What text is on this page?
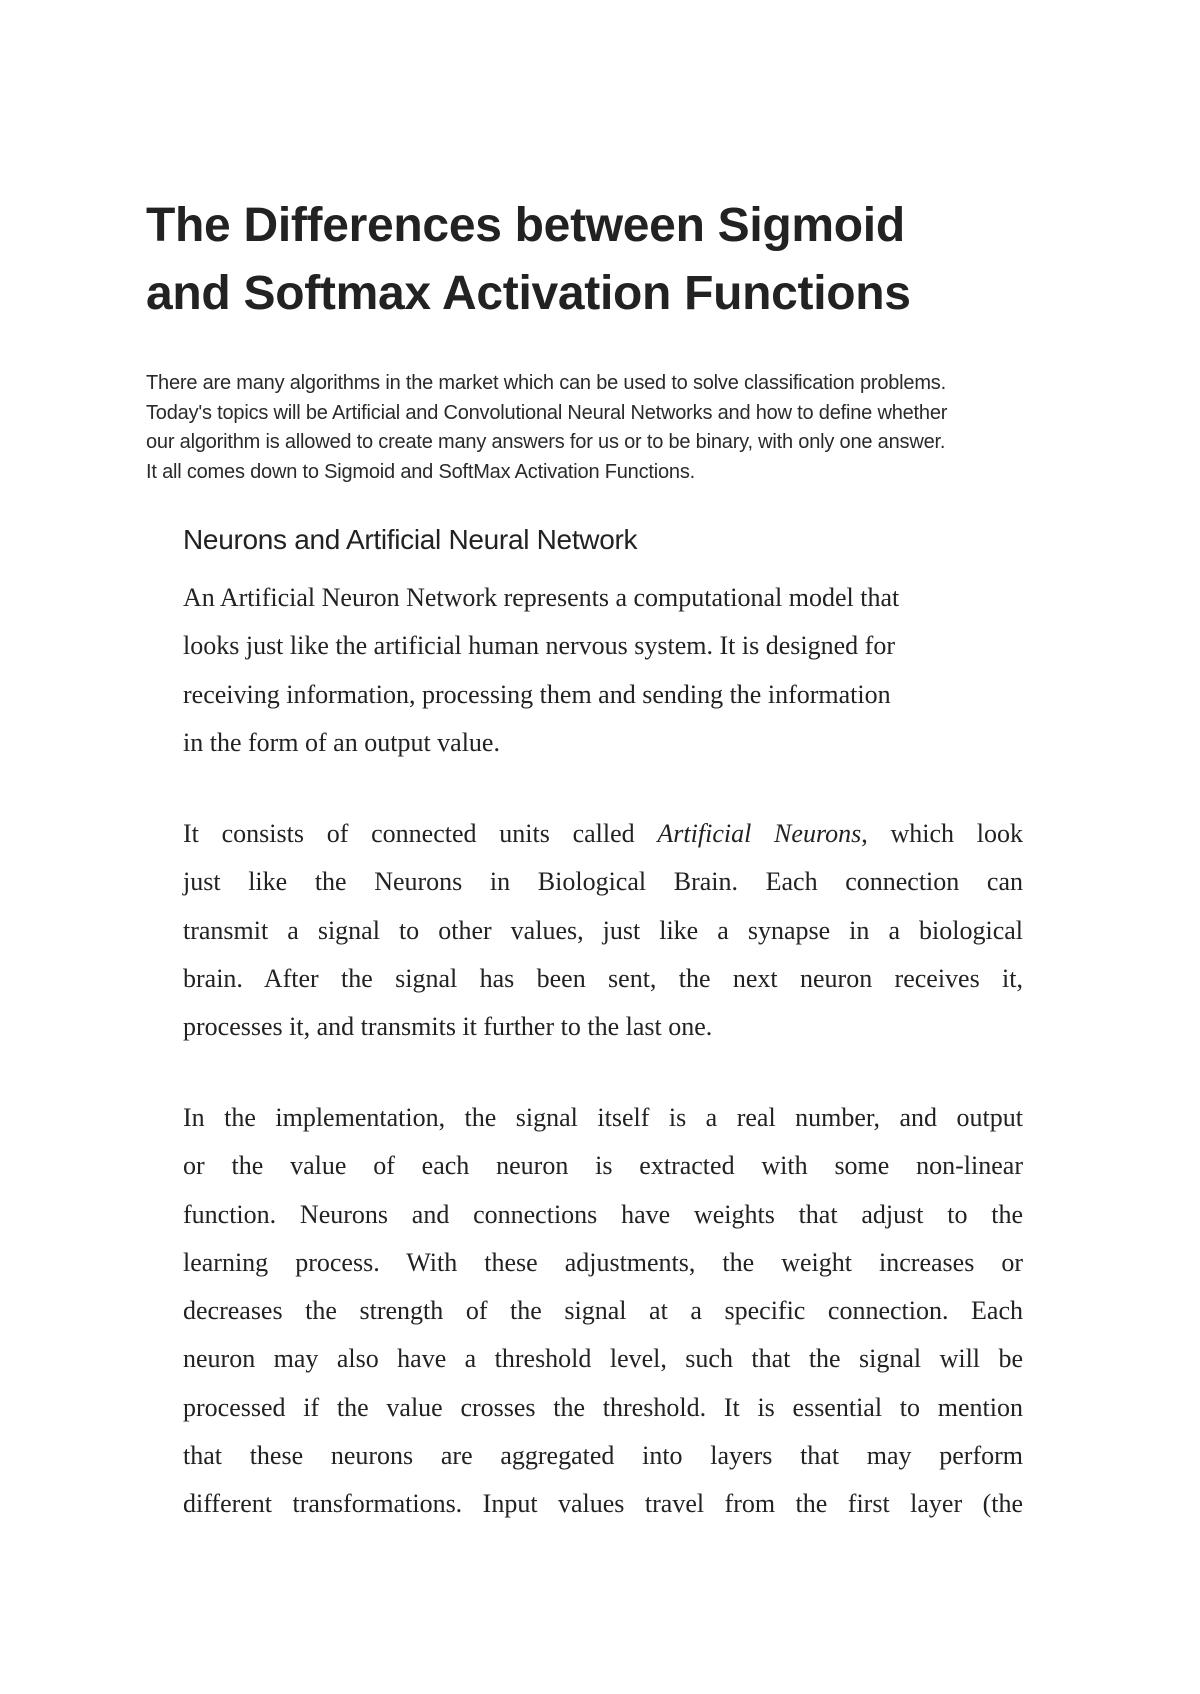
The Differences between Sigmoid
and Softmax Activation Functions

There are many algorithms in the market which can be used to solve classification problems.
Today's topics will be Artificial and Convolutional Neural Networks and how to define whether
our algorithm is allowed to create many answers for us or to be binary, with only one answer.
It all comes down to Sigmoid and SoftMax Activation Functions.

Neurons and Artificial Neural Network

An Artificial Neuron Network represents a computational model that
looks just like the artificial human nervous system. It is designed for
receiving information, processing them and sending the information
in the form of an output value.

It consists of connected units called Artificial Neurons, which look
just like the Neurons in Biological Brain. Each connection can
transmit a signal to other values, just like a synapse in a biological
brain. After the signal has been sent, the next neuron receives it,
processes it, and transmits it further to the last one.

In the implementation, the signal itself is a real number, and output
or the value of each neuron is extracted with some non-linear
function. Neurons and connections have weights that adjust to the
learning process. With these adjustments, the weight increases or
decreases the strength of the signal at a specific connection. Each
neuron may also have a threshold level, such that the signal will be
processed if the value crosses the threshold. It is essential to mention
that these neurons are aggregated into layers that may perform
different transformations. Input values travel from the first layer (the
